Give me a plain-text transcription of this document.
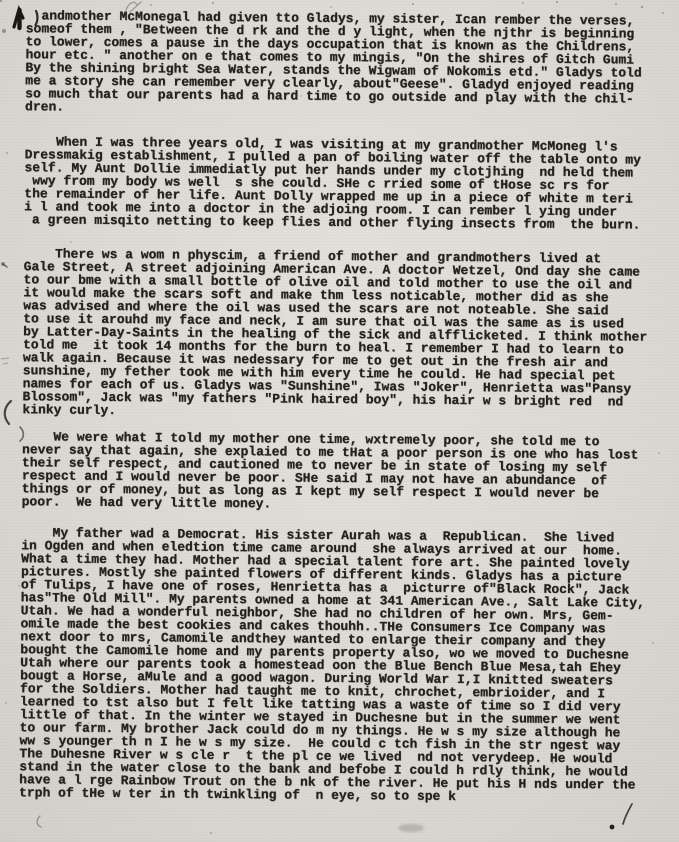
andmother McMonegal had given tto Gladys, my sister, Ican rember the verses,
someof them , "Between the d rk and the d y light, when the njthr is beginning
to lower, comes a pause in the days occupation that is known as the Childrens,
hour etc. " another on e that comes to my mingis, "On the shires of Gitch Gumi
By the shining bright Sea Water, stands the Wigwam of Nokomis etd." Gladys told
me a story she can remember very clearly, about"Geese". Gladyd enjoyed reading
so much that our parents had a hard time to go outside and play with the chil-
dren.
When I was three years old, I was visiting at my grandmother McMoneg l's
Dressmakig establishment, I pulled a pan of boiling water off the table onto my
self. My Aunt Dollie immediatly put her hands under my clotjhing  nd held them
wwy from my body ws well  s she could. SHe c rried some of tHose sc rs for
the remainder of her life. Aunt Dolly wrapped me up in a piece of white m teri
i l and took me into a doctor in the adjoing room. I can rember l ying under
a green misqito netting to keep flies and other flying insects from  the burn.
There ws a wom n physcim, a friend of mother and grandmothers lived at
Gale Street, A street adjoining American Ave. A doctor Wetzel, Ond day she came
to our bme with a small bottle of olive oil and told mother to use the oil and
it would make the scars soft and make thm less noticable, mother did as she
was advised and where the oil was used the scars are not noteable. She said
to use it arouhd my face and neck, I am sure that oil was the same as is used
by Latter-Day-Saints in the healing of the sick and alfflicketed. I think mother
told me  it took 14 months for the burn to heal. I remember I had to learn to
walk again. Because it was nedessary for me to get out in the fresh air and
sunshine, my fether took me with him every time he could. He had special pet
names for each of us. Gladys was "Sunshine", Iwas "Joker", Henrietta was"Pansy
Blossom", Jack was "my fathers "Pink haired boy", his hair w s bright red  nd
kinky curly.
We were what I told my mother one time, wxtremely poor, she told me to
never say that again, she explaied to me tHat a poor person is one who has lost
their self respect, and cautioned me to never be in state of losing my self
respect and I would never be poor. SHe said I may not have an abundance  of
things or of money, but as long as I kept my self respect I would never be
poor.  We had very little money.
My father wad a Democrat. His sister Aurah was a  Republican.  She lived
in Ogden and when eledtion time came around  she always arrived at our  home.
What a time they had. Mother had a special talent fore art. She painted lovely
pictures. Mostly she painted flowers of different kinds. Gladys has a picture
of Tulips, I have one of roses, Henrietta has a  picturre of"Black Rock", Jack
has"The Old Mill". My parents owned a home at 341 American Ave., Salt Lake City,
Utah. We had a wonderful neighbor, She had no children of her own. Mrs, Gem-
omile made the best cookies and cakes thouhh..THe Consumers Ice Company was
next door to mrs, Camomile andthey wanted to enlarge their company and they
bought the Camomile home and my parents property also, wo we moved to Duchesne
Utah where our parents took a homestead oon the Blue Bench Blue Mesa,tah Ehey
bougt a Horse, aMule and a good wagon. During World War I,I knitted sweaters
for the Soldiers. Mother had taught me to knit, chrochet, embrioider, and I
learned to tst also but I felt like tatting was a waste of time so I did very
little of that. In the winter we stayed in Duchesne but in the summer we went
to our farm. My brother Jack could do m ny things. He w s my size although he
ww s younger th n I he w s my size.  He could c tch fish in the str ngest way
The Duhesne River w s cle r  t the pl ce we lived  nd not verydeep. He would
stand in the water close to the bank and befobe I could h rdly think, he would
have a l rge Rainbow Trout on the b nk of the river. He put his H nds under the
trph of tHe w ter in th twinkling of  n eye, so to spe k
